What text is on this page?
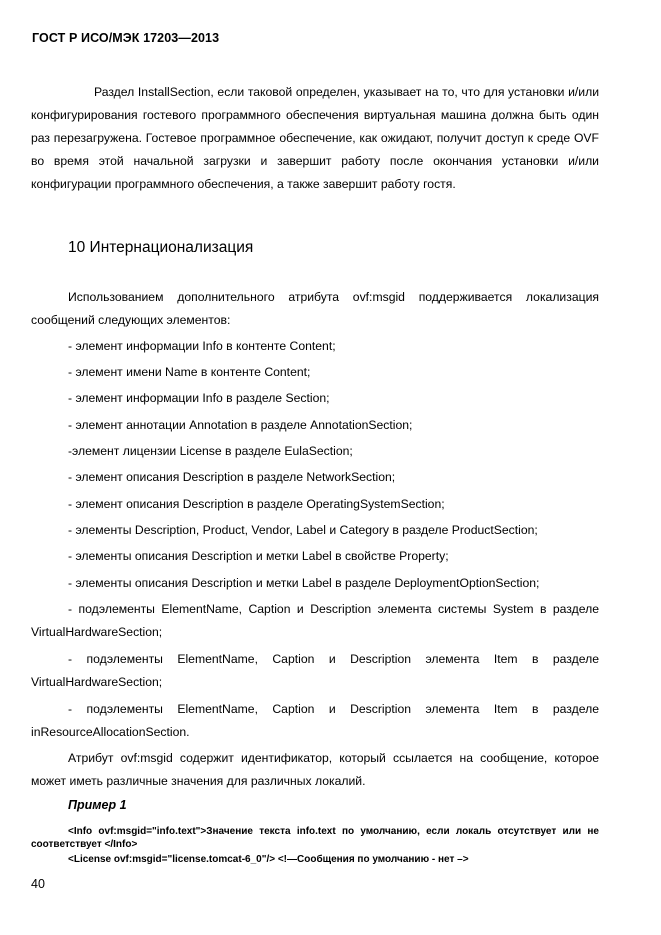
ГОСТ Р ИСО/МЭК 17203—2013

Раздел InstallSection, если таковой определен, указывает на то, что для установки и/или конфигурирования гостевого программного обеспечения виртуальная машина должна быть один раз перезагружена. Гостевое программное обеспечение, как ожидают, получит доступ к среде OVF во время этой начальной загрузки и завершит работу после окончания установки и/или конфигурации программного обеспечения, а также завершит работу гостя.

10 Интернационализация

Использованием дополнительного атрибута ovf:msgid поддерживается локализация сообщений следующих элементов:

- элемент информации Info в контенте Content;
- элемент имени Name в контенте Content;
- элемент информации Info в разделе Section;
- элемент аннотации Annotation в разделе AnnotationSection;
-элемент лицензии License в разделе EulaSection;
- элемент описания Description в разделе NetworkSection;
- элемент описания Description в разделе OperatingSystemSection;
- элементы Description, Product, Vendor, Label и Category в разделе ProductSection;
- элементы описания Description и метки Label в свойстве Property;
- элементы описания Description и метки Label в разделе DeploymentOptionSection;

- подэлементы ElementName, Caption и Description элемента системы System в разделе VirtualHardwareSection;

- подэлементы ElementName, Caption и Description элемента Item в разделе VirtualHardwareSection;

- подэлементы ElementName, Caption и Description элемента Item в разделе inResourceAllocationSection.

Атрибут ovf:msgid содержит идентификатор, который ссылается на сообщение, которое может иметь различные значения для различных локалий.

Пример 1

<Info ovf:msgid="info.text">Значение текста info.text по умолчанию, если локаль отсутствует или не соответствует </Info>

<License ovf:msgid="license.tomcat-6_0"/> <!—Сообщения по умолчанию - нет –>

40
